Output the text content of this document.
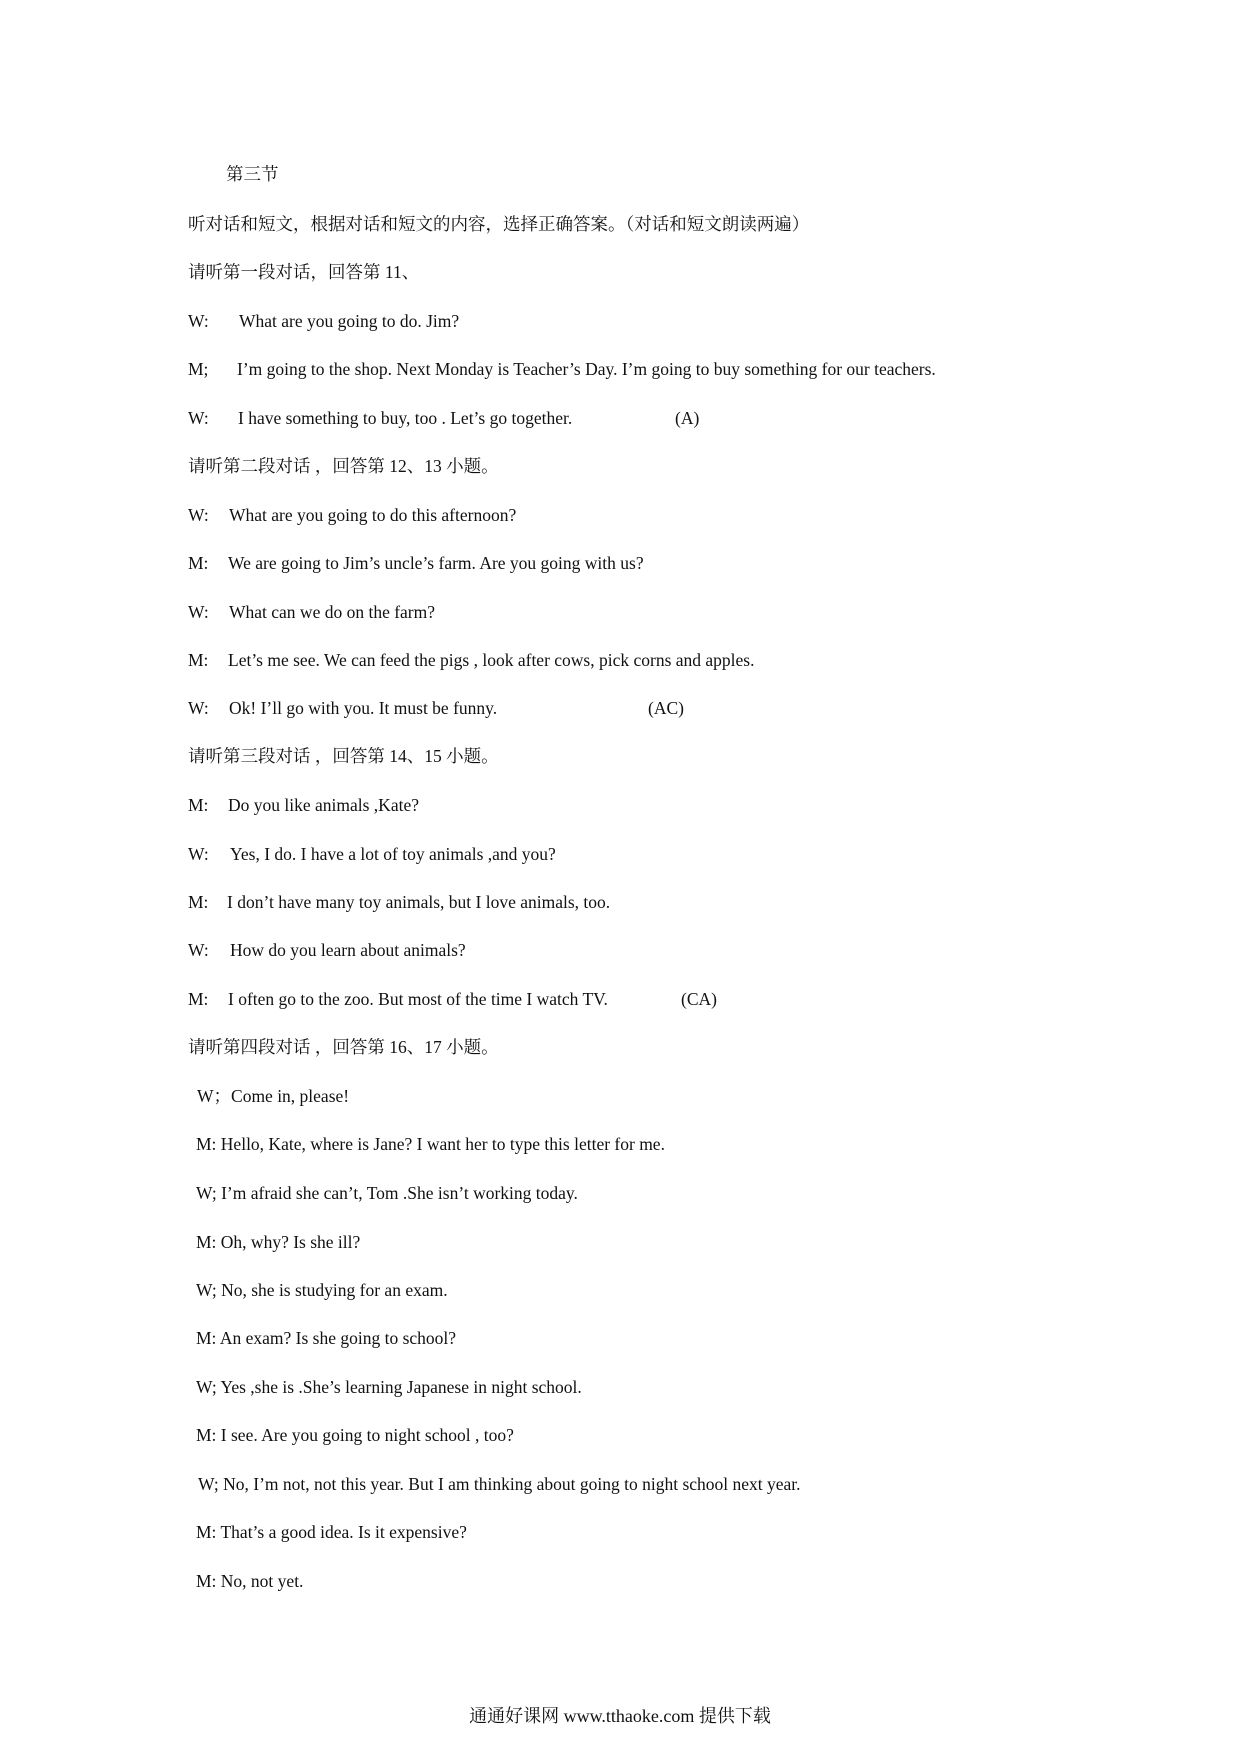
第三节
听对话和短文，根据对话和短文的内容，选择正确答案。（对话和短文朗读两遍）
请听第一段对话，回答第 11、
W: What are you going to do. Jim?
M; I’m going to the shop. Next Monday is Teacher’s Day. I’m going to buy something for our teachers.
W: I have something to buy, too . Let’s go together.	(A)
请听第二段对话 ，回答第 12、13 小题。
W: What are you going to do this afternoon?
M: We are going to Jim’s uncle’s farm. Are you going with us?
W: What can we do on the farm?
M: Let’s me see. We can feed the pigs , look after cows, pick corns and apples.
W: Ok! I’ll go with you. It must be funny.	(AC)
请听第三段对话 ，回答第 14、15 小题。
M: Do you like animals ,Kate?
W: Yes, I do. I have a lot of toy animals ,and you?
M: I don’t have many toy animals, but I love animals, too.
W: How do you learn about animals?
M: I often go to the zoo. But most of the time I watch TV.	(CA)
请听第四段对话 ，回答第 16、17 小题。
W；Come in, please!
M: Hello, Kate, where is Jane? I want her to type this letter for me.
W; I’m afraid she can’t, Tom .She isn’t working today.
M: Oh, why? Is she ill?
W; No, she is studying for an exam.
M: An exam? Is she going to school?
W; Yes ,she is .She’s learning Japanese in night school.
M: I see. Are you going to night school , too?
W; No, I’m not, not this year. But I am thinking about going to night school next year.
M: That’s a good idea. Is it expensive?
M: No, not yet.
通通好课网 www.tthaoke.com 提供下载
